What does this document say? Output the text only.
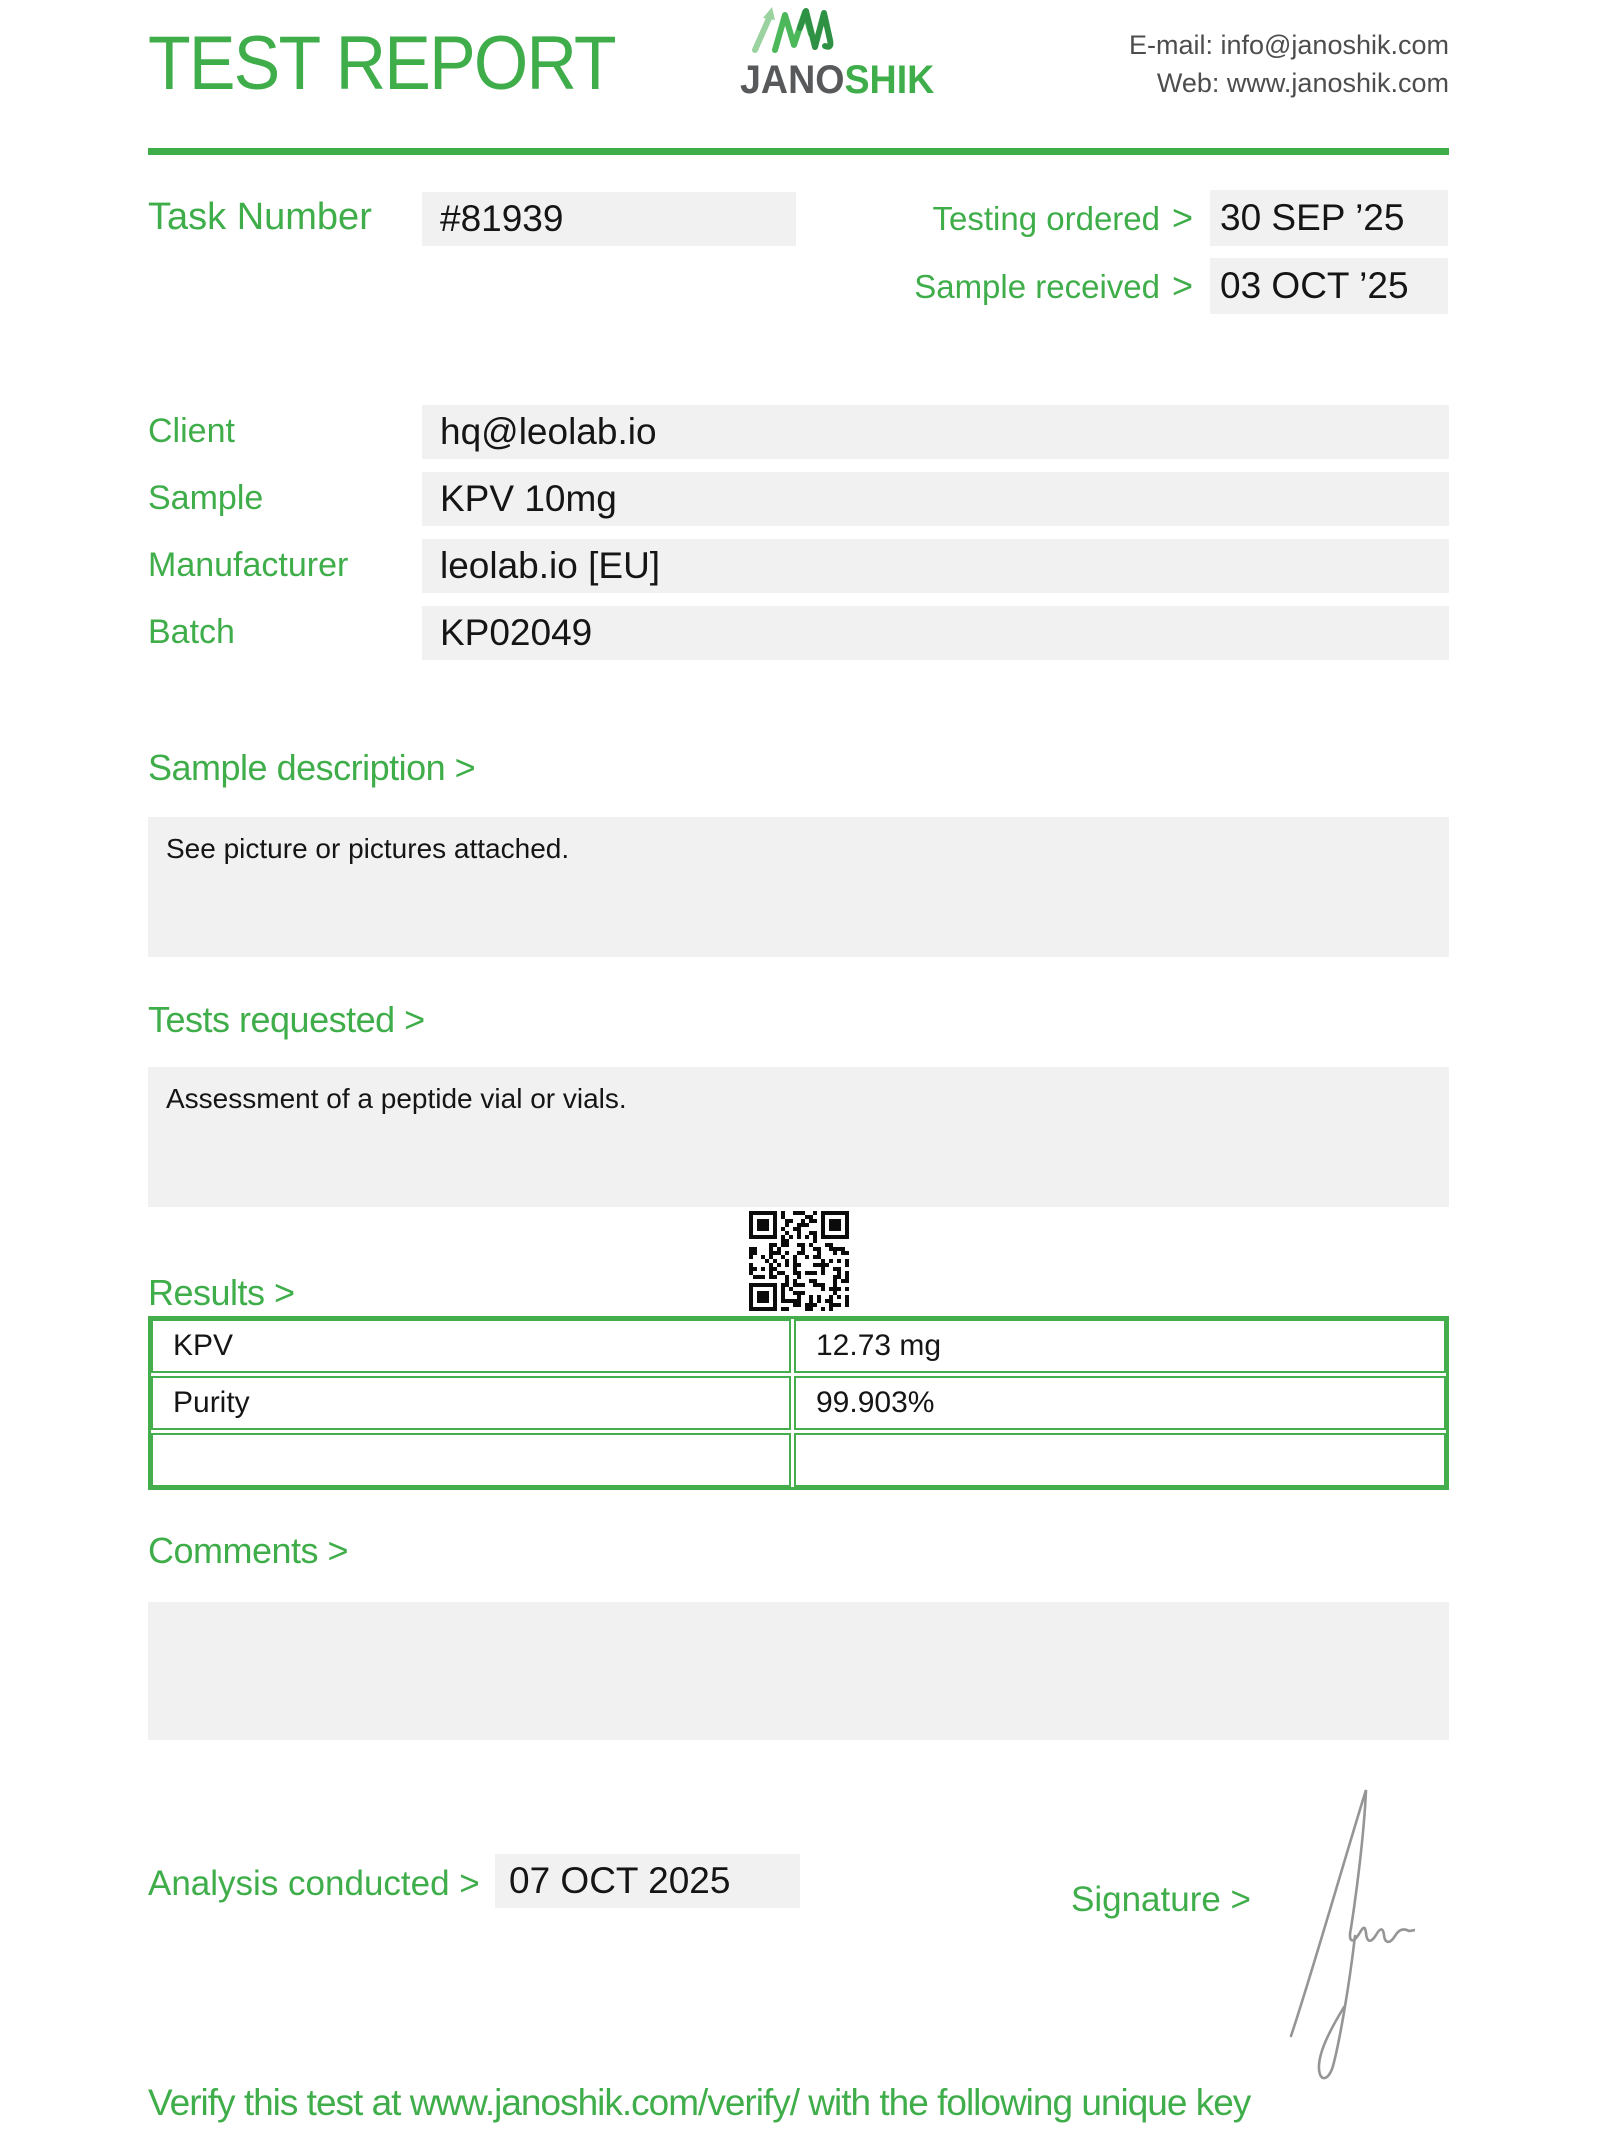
TEST REPORT	JANOSHIK
E-mail: info@janoshik.com
Web: www.janoshik.com
Task Number	#81939	Testing ordered > 30 SEP ’25
Sample received > 03 OCT ’25
Client	hq@leolab.io
Sample	KPV 10mg
Manufacturer	leolab.io [EU]
Batch	KP02049
Sample description >
See picture or pictures attached.
Tests requested >
Assessment of a peptide vial or vials.
Results >
KPV	12.73 mg
Purity	99.903%
Comments >
Analysis conducted > 07 OCT 2025	Signature >
Verify this test at www.janoshik.com/verify/ with the following unique key
